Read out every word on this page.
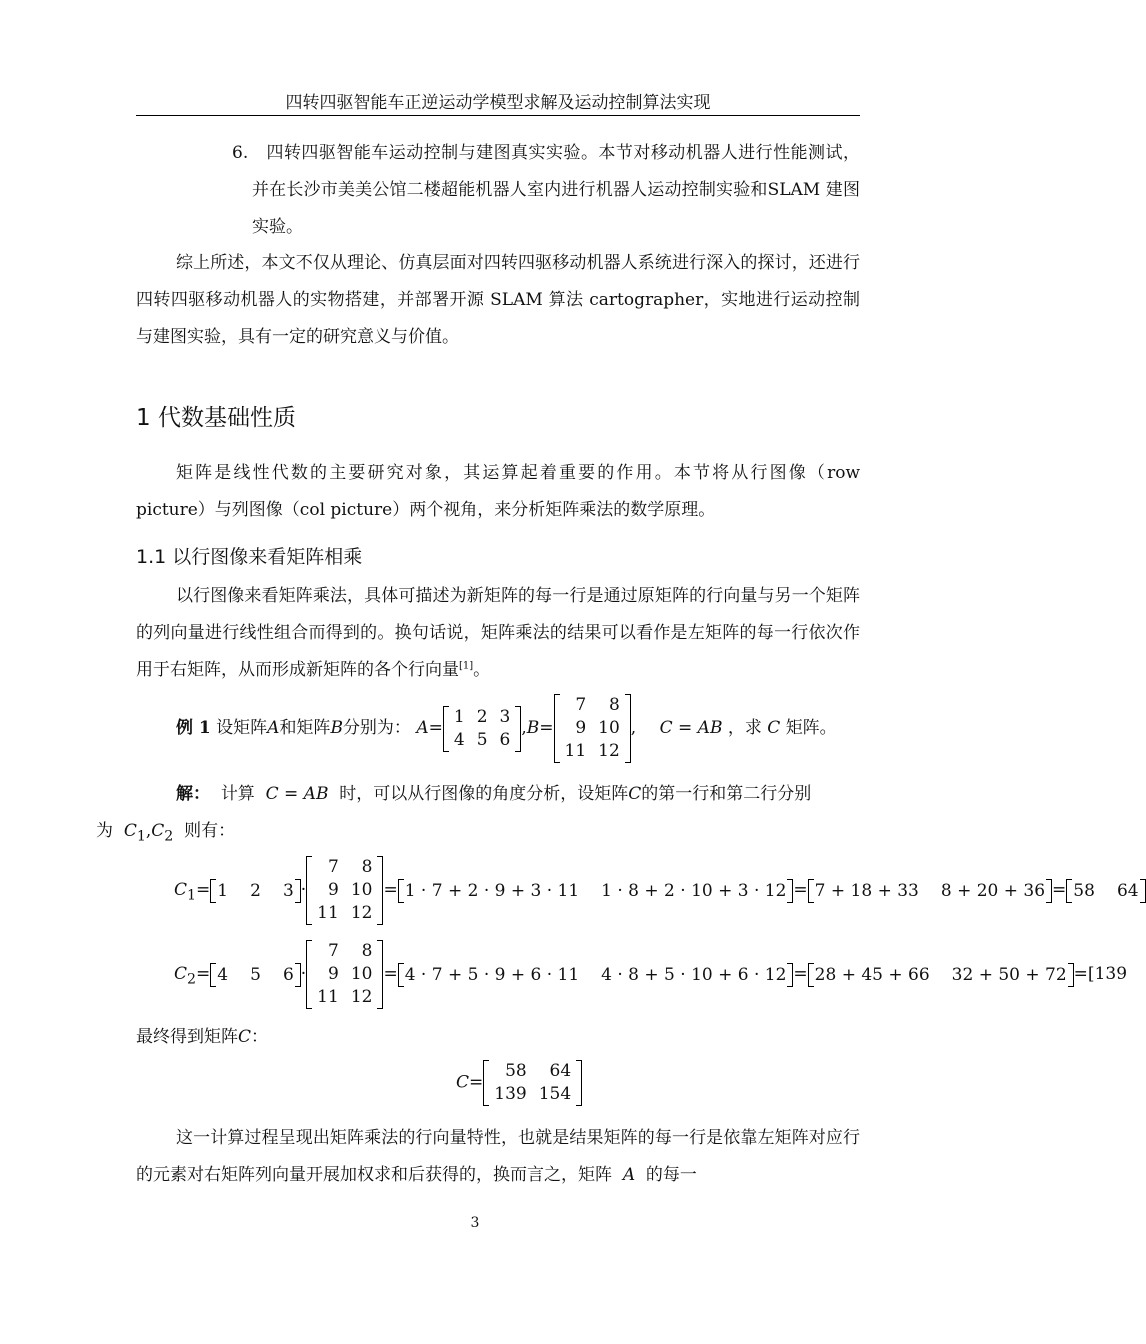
四转四驱智能车正逆运动学模型求解及运动控制算法实现
6. 四转四驱智能车运动控制与建图真实实验。本节对移动机器人进行性能测试，并在长沙市美美公馆二楼超能机器人室内进行机器人运动控制实验和SLAM 建图实验。

综上所述，本文不仅从理论、仿真层面对四转四驱移动机器人系统进行深入的探讨，还进行四转四驱移动机器人的实物搭建，并部署开源 SLAM 算法 cartographer，实地进行运动控制与建图实验，具有一定的研究意义与价值。

1 代数基础性质

矩阵是线性代数的主要研究对象，其运算起着重要的作用。本节将从行图像（row picture）与列图像（col picture）两个视角，来分析矩阵乘法的数学原理。

1.1 以行图像来看矩阵相乘

以行图像来看矩阵乘法，具体可描述为新矩阵的每一行是通过原矩阵的行向量与另一个矩阵的列向量进行线性组合而得到的。换句话说，矩阵乘法的结果可以看作是左矩阵的每一行依次作用于右矩阵，从而形成新矩阵的各个行向量[1]。

例 1 设矩阵A和矩阵B分别为： A=
1	2	3
4	5	6
,B=
7	8
9	10
11	12
, C = AB ，求 C 矩阵。

解： 计算 C = AB 时，可以从行图像的角度分析，设矩阵C的第一行和第二行分别
为 $C_1,C_2$ 则有：

$C_1= 1$ 2 3 ·
7	8
9	10
11	12
= 1 · 7 + 2 · 9 + 3 · 11 1 · 8 + 2 · 10 + 3 · 12 = 7 + 18 + 33 8 + 20 + 36 = 58 64
$C_2= 4$ 5 6 ·
7	8
9	10
11	12
= 4 · 7 + 5 · 9 + 6 · 11 4 · 8 + 5 · 10 + 6 · 12 = 28 + 45 + 66 32 + 50 + 72 =[139
最终得到矩阵C：
C=
58	64
139	154

这一计算过程呈现出矩阵乘法的行向量特性，也就是结果矩阵的每一行是依靠左矩阵对应行的元素对右矩阵列向量开展加权求和后获得的，换而言之，矩阵 A 的每一

3
